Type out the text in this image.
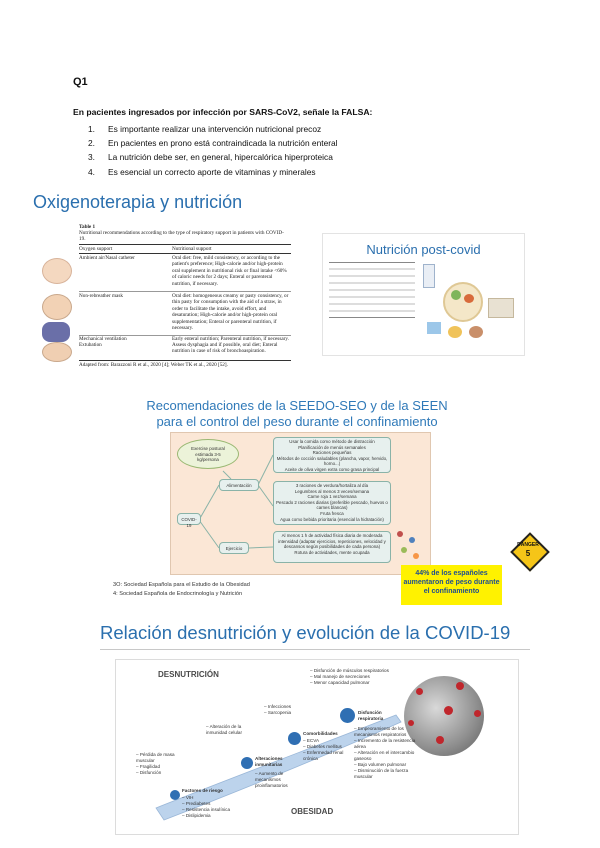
Q1
En pacientes ingresados por infección por SARS-CoV2, señale la FALSA:
1. Es importante realizar una intervención nutricional precoz
2. En pacientes en prono está contraindicada la nutrición enteral
3. La nutrición debe ser, en general, hipercalórica hiperproteica
4. Es esencial un correcto aporte de vitaminas y minerales
Oxigenoterapia y nutrición
Table 1
Nutritional recommendations according to the type of respiratory support in patients with COVID-19.
Oxygen support	Nutritional support
Ambient air/Nasal catheter	Oral diet: free, mild consistency, or according to the patient's preference; High-calorie and/or high-protein oral supplement in nutritional risk or final intake <60% of caloric needs for 2 days; Enteral or parenteral nutrition, if necessary.
Non-rebreather mask	Oral diet: homogeneous creamy or pasty consistency, or thin pasty for consumption with the aid of a straw, in order to facilitate the intake, avoid effort, and desaturation; High-calorie and/or high-protein oral supplementation; Enteral or parenteral nutrition, if necessary.
Mechanical ventilation	Early enteral nutrition; Parenteral nutrition, if necessary.
Extubation	Assess dysphagia and if possible, oral diet; Enteral nutrition in case of risk of bronchoaspiration.
Adapted from: Barazzoni R et al., 2020 [4]; Weber TK et al., 2020 [52].
Nutrición post-covid
Recomendaciones de la SEEDO-SEO y de la SEEN
para el control del peso durante el confinamiento
Exercise postural estimada 3-5 kg/persona
COVID-19
Alimentación
Ejercicio
Usar la comida como método de distracción
Planificación de menús semanales
Raciones pequeñas
Métodos de cocción saludables (plancha, vapor, hervido, horno...)
Aceite de oliva virgen extra como grasa principal
3 raciones de verdura/hortaliza al día
Legumbres al menos 3 veces/semana
Carne roja 1 vez/semana
Pescado 2 raciones diarias (preferible pescado, huevos o carnes blancas)
Fruta fresca
Agua como bebida prioritaria (esencial la hidratación)
Al menos 1 h de actividad física diaria de moderada intensidad (adaptar ejercicios, repeticiones, velocidad y descansos según posibilidades de cada persona)
Rotura de actividades, mente ocupada
3O: Sociedad Española para el Estudio de la Obesidad
4: Sociedad Española de Endocrinología y Nutrición
DANGER
5
44% de los españoles aumentaron de peso durante el confinamiento
Relación desnutrición y evolución de la COVID-19
DESNUTRICIÓN
OBESIDAD
Factores de riesgo
– VIH
– Prediabetes
– Resistencia insulínica
– Dislipidemia
Alteraciones inmunitarias
– Aumento de mecanismos proinflamatorios
Comorbilidades
– ECVA
– Diabetes mellitus
– Enfermedad renal crónica
Disfunción respiratoria
– Empeoramiento de los mecanismos respiratorios
– Incremento de la resistencia aérea
– Alteración en el intercambio gaseoso
– Bajo volumen pulmonar
– Disminución de la fuerza muscular
– Pérdida de masa muscular
– Fragilidad
– Disfunción
– Alteración de la inmunidad celular
– Infecciones
– Sarcopenia
– Disfunción de músculos respiratorios
– Mal manejo de secreciones
– Menor capacidad pulmonar
